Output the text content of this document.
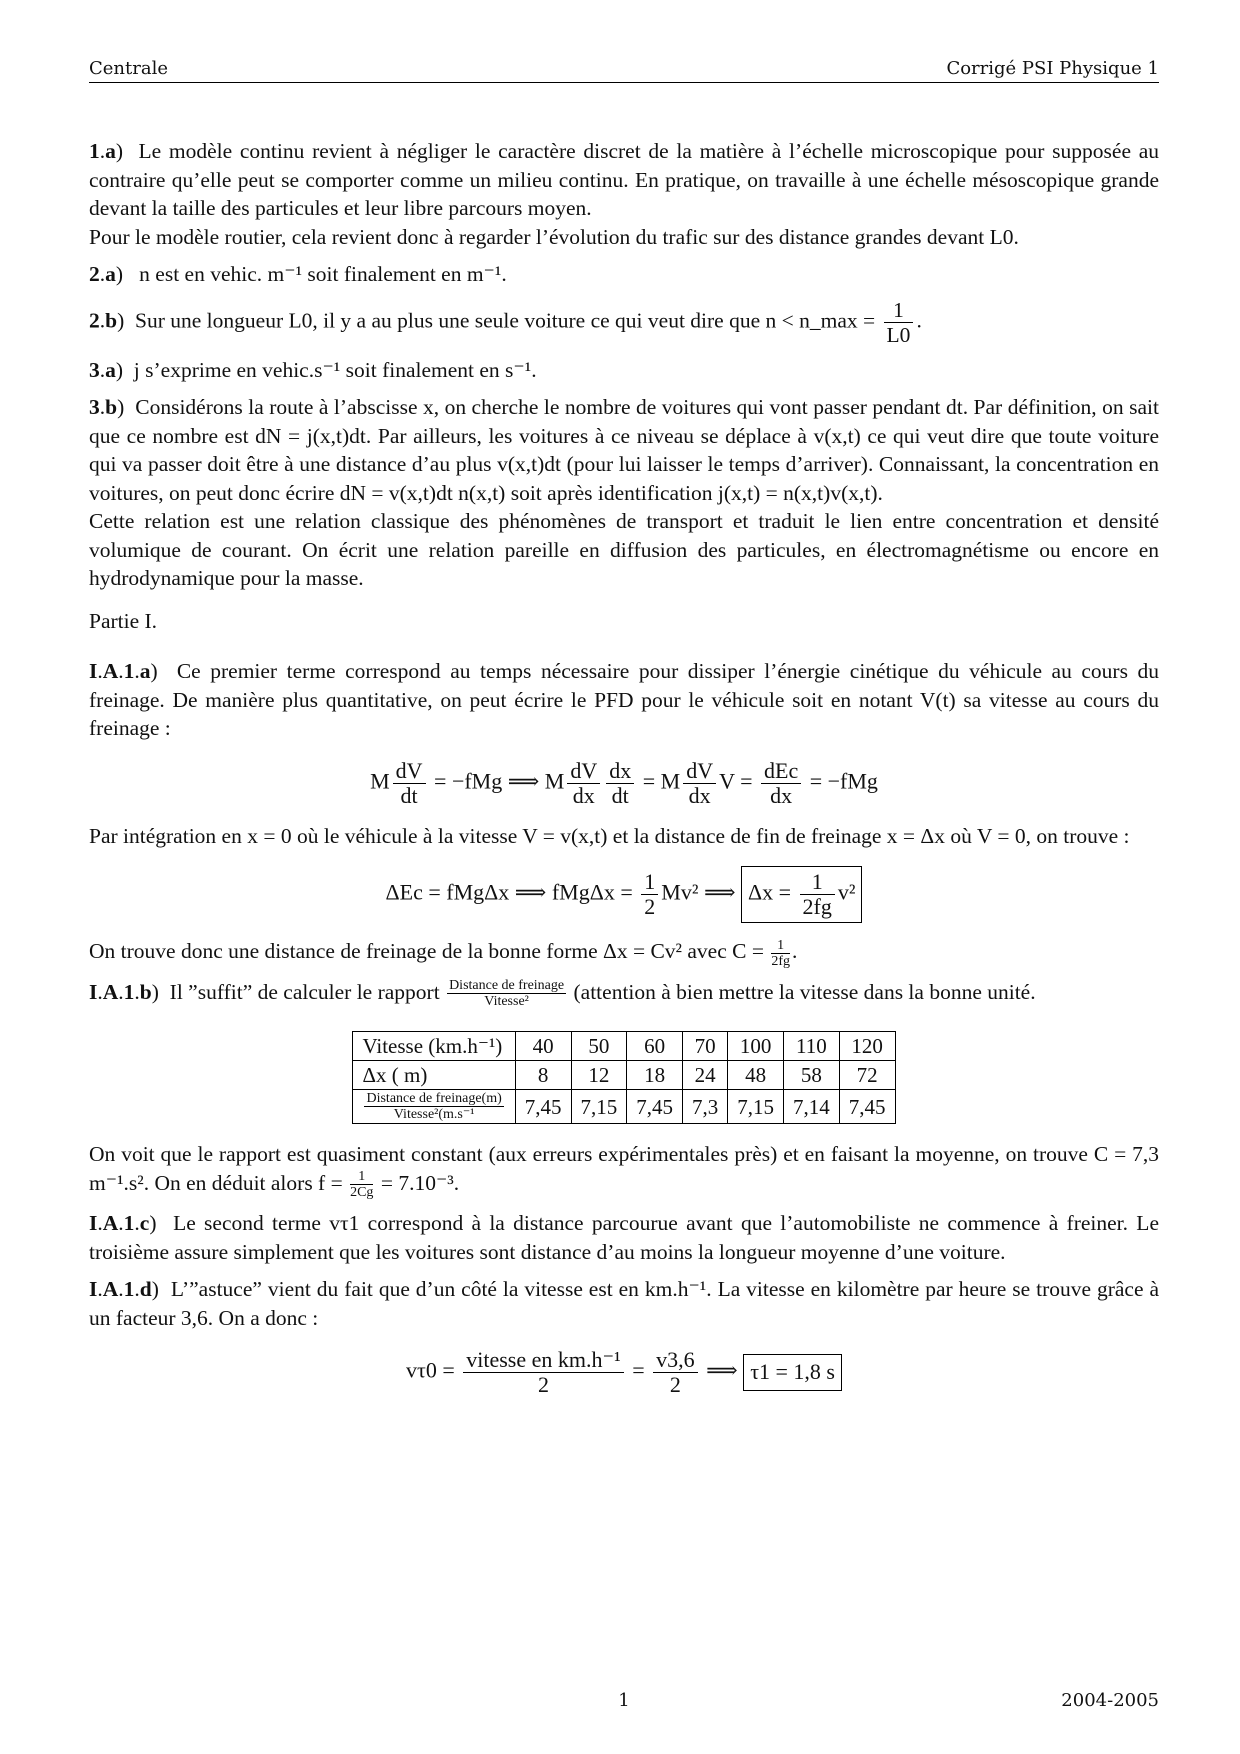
Centrale	Corrigé PSI Physique 1

1.a) Le modèle continu revient à négliger le caractère discret de la matière à l’échelle microscopique pour supposée au contraire qu’elle peut se comporter comme un milieu continu. En pratique, on travaille à une échelle mésoscopique grande devant la taille des particules et leur libre parcours moyen.

Pour le modèle routier, cela revient donc à regarder l’évolution du trafic sur des distance grandes devant L0.

2.a) n est en vehic. m⁻¹ soit finalement en m⁻¹.

2.b) Sur une longueur L0, il y a au plus une seule voiture ce qui veut dire que n < n_max = $\frac{1}{L0}$ .

3.a) j s’exprime en vehic.s⁻¹ soit finalement en s⁻¹.

3.b) Considérons la route à l’abscisse x, on cherche le nombre de voitures qui vont passer pendant dt. Par définition, on sait que ce nombre est dN = j(x,t)dt. Par ailleurs, les voitures à ce niveau se déplace à v(x,t) ce qui veut dire que toute voiture qui va passer doit être à une distance d’au plus v(x,t)dt (pour lui laisser le temps d’arriver). Connaissant, la concentration en voitures, on peut donc écrire dN = v(x,t)dt n(x,t) soit après identification j(x,t) = n(x,t)v(x,t).

Cette relation est une relation classique des phénomènes de transport et traduit le lien entre concentration et densité volumique de courant. On écrit une relation pareille en diffusion des particules, en électromagnétisme ou encore en hydrodynamique pour la masse.

Partie I.

I.A.1.a) Ce premier terme correspond au temps nécessaire pour dissiper l’énergie cinétique du véhicule au cours du freinage. De manière plus quantitative, on peut écrire le PFD pour le véhicule soit en notant V(t) sa vitesse au cours du freinage :

M $\frac{dV}{dt} = -fMg$ ⟹ M $\frac{dV}{dx} \frac{dx}{dt} = M \frac{dV}{dx}$ $V = \frac{\text{dEc}}{dx} = -fMg$

Par intégration en x = 0 où le véhicule à la vitesse V = v(x,t) et la distance de fin de freinage x = Δx où V = 0, on trouve :

ΔEc = fMgΔx ⟹ $fMg\Delta x = \frac{1}{2} Mv^2$ ⟹ $\Delta x = \frac{1}{2fg} v^2$

On trouve donc une distance de freinage de la bonne forme Δx = Cv² avec $C = \frac{1}{2fg}$ .

I.A.1.b) Il ”suffit” de calculer le rapport Distance de freinage
Vitesse²	(attention à bien mettre la vitesse dans la bonne unité.

Vitesse (km.h⁻¹)	40	50	60	70	100	110	120
Δx ( m)	8	12	18	24	48	58	72

Distance de freinage(m)
Vitesse²(m.s⁻¹	7,45	7,15	7,45	7,3	7,15	7,14	7,45

On voit que le rapport est quasiment constant (aux erreurs expérimentales près) et en faisant la moyenne, on trouve C = 7,3 m⁻¹.s². On en déduit alors $f = \frac{1}{2Cg} = 7.10^{-3}$.

I.A.1.c) Le second terme vτ1 correspond à la distance parcourue avant que l’automobiliste ne commence à freiner. Le troisième assure simplement que les voitures sont distance d’au moins la longueur moyenne d’une voiture.

I.A.1.d) L’”astuce” vient du fait que d’un côté la vitesse est en km.h⁻¹. La vitesse en kilomètre par heure se trouve grâce à un facteur 3,6. On a donc :

$v\tau 0 = \frac{\text{vitesse en km.h⁻¹}}{2} = \frac{v3,6}{2}$ ⟹ τ1 = 1,8 s
1	2004-2005
